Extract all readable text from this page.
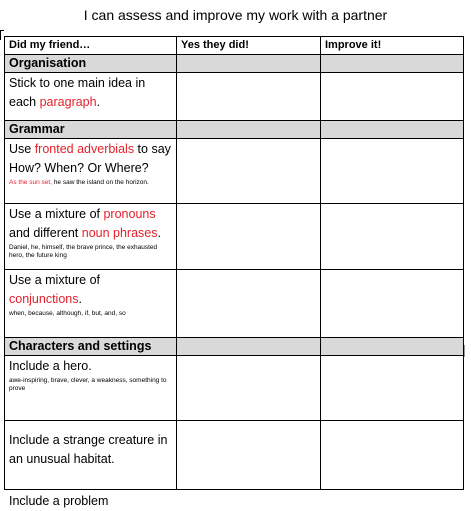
I can assess and improve my work with a partner
Did my friend…	Yes they did!	Improve it!
Organisation		
Stick to one main idea in each paragraph.		
Grammar		
Use fronted adverbials to say How? When? Or Where?
As the sun set, he saw the island on the horizon.		

Use a mixture of pronouns and different noun phrases.
Daniel, he, himself, the brave prince, the exhausted hero, the future king		

Use a mixture of conjunctions.
when, because, although, if, but, and, so		

Characters and settings		
Include a hero.
awe-inspiring, brave, clever, a weakness, something to prove		

Include a strange creature in an unusual habitat.		
Include a problem
